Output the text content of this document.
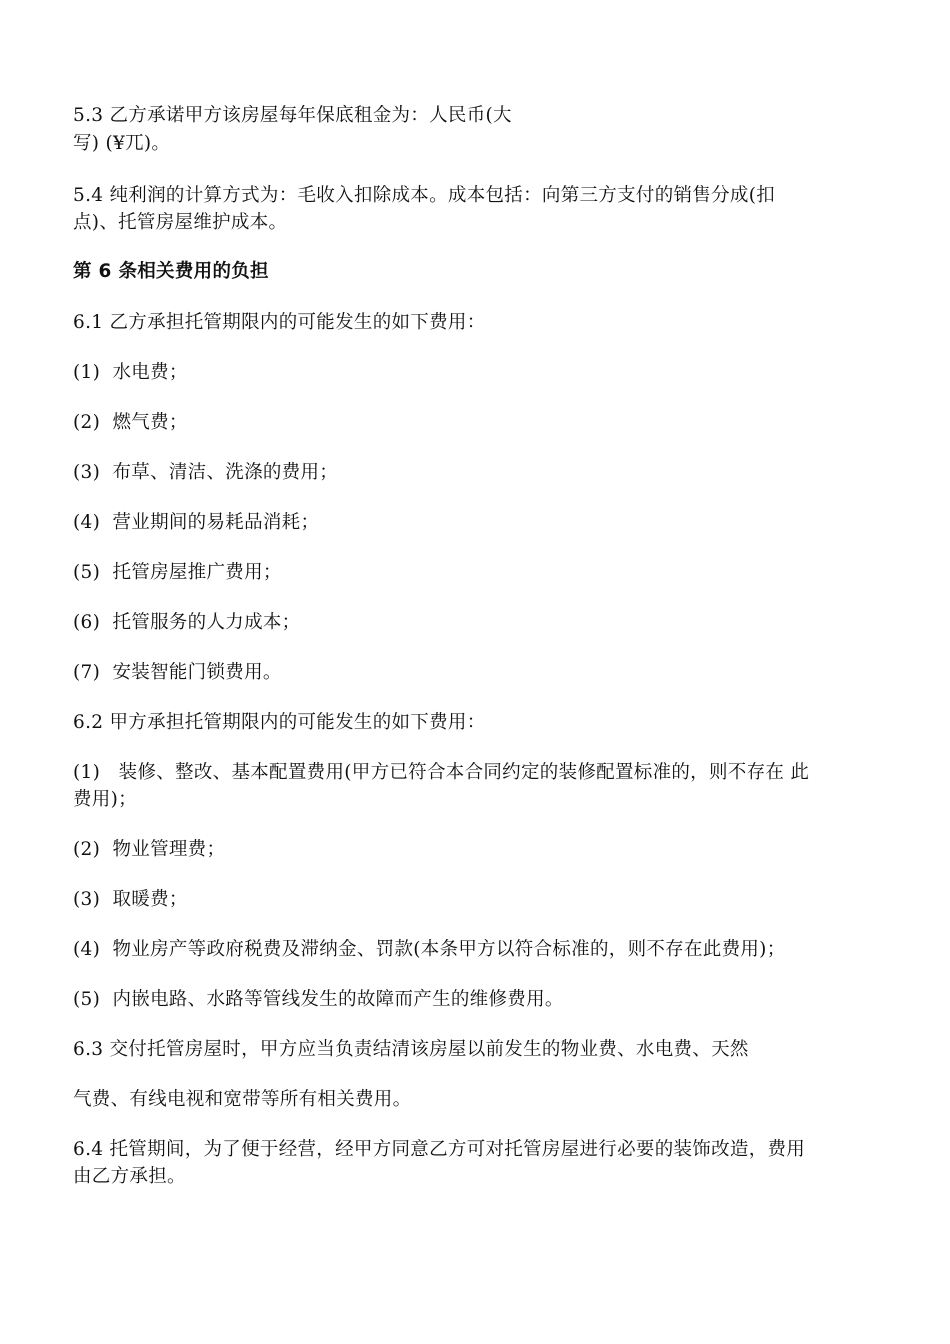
5.3 乙方承诺甲方该房屋每年保底租金为：人民币(大

写) (¥兀)。

5.4 纯利润的计算方式为：毛收入扣除成本。成本包括：向第三方支付的销售分成(扣

点)、托管房屋维护成本。

第 6 条相关费用的负担

6.1 乙方承担托管期限内的可能发生的如下费用：

(1)  水电费；

(2)  燃气费；

(3)  布草、清洁、洗涤的费用；

(4)  营业期间的易耗品消耗；

(5)  托管房屋推广费用；

(6)  托管服务的人力成本；

(7)  安装智能门锁费用。

6.2 甲方承担托管期限内的可能发生的如下费用：

(1)   装修、整改、基本配置费用(甲方已符合本合同约定的装修配置标准的，则不存在 此

费用)；

(2)  物业管理费；

(3)  取暖费；

(4)  物业房产等政府税费及滞纳金、罚款(本条甲方以符合标准的，则不存在此费用)；

(5)  内嵌电路、水路等管线发生的故障而产生的维修费用。

6.3 交付托管房屋时，甲方应当负责结清该房屋以前发生的物业费、水电费、天然

气费、有线电视和宽带等所有相关费用。

6.4 托管期间，为了便于经营，经甲方同意乙方可对托管房屋进行必要的装饰改造，费用

由乙方承担。
